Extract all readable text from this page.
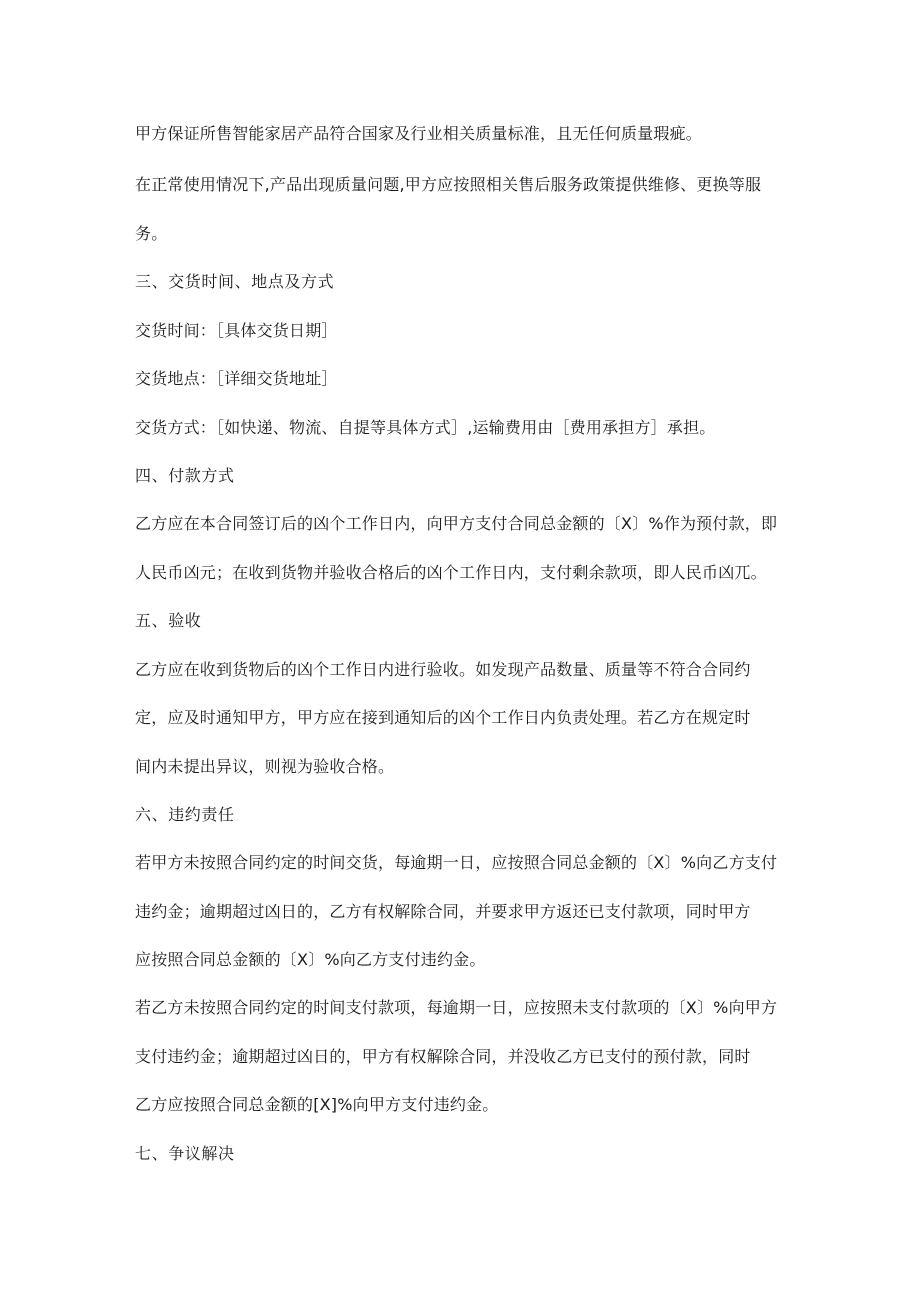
甲方保证所售智能家居产品符合国家及行业相关质量标准，且无任何质量瑕疵。

在正常使用情况下,产品出现质量问题,甲方应按照相关售后服务政策提供维修、更换等服

务。

三、交货时间、地点及方式

交货时间：［具体交货日期］

交货地点：［详细交货地址］

交货方式：［如快递、物流、自提等具体方式］,运输费用由［费用承担方］承担。

四、付款方式

乙方应在本合同签订后的凶个工作日内，向甲方支付合同总金额的〔X〕%作为预付款，即

人民币凶元；在收到货物并验收合格后的凶个工作日内，支付剩余款项，即人民币凶兀。

五、验收

乙方应在收到货物后的凶个工作日内进行验收。如发现产品数量、质量等不符合合同约

定，应及时通知甲方，甲方应在接到通知后的凶个工作日内负责处理。若乙方在规定时

间内未提出异议，则视为验收合格。

六、违约责任

若甲方未按照合同约定的时间交货，每逾期一日，应按照合同总金额的〔X〕%向乙方支付

违约金；逾期超过凶日的，乙方有权解除合同，并要求甲方返还已支付款项，同时甲方

应按照合同总金额的〔X〕%向乙方支付违约金。

若乙方未按照合同约定的时间支付款项，每逾期一日，应按照未支付款项的〔X〕%向甲方

支付违约金；逾期超过凶日的，甲方有权解除合同，并没收乙方已支付的预付款，同时

乙方应按照合同总金额的[X]%向甲方支付违约金。

七、争议解决
